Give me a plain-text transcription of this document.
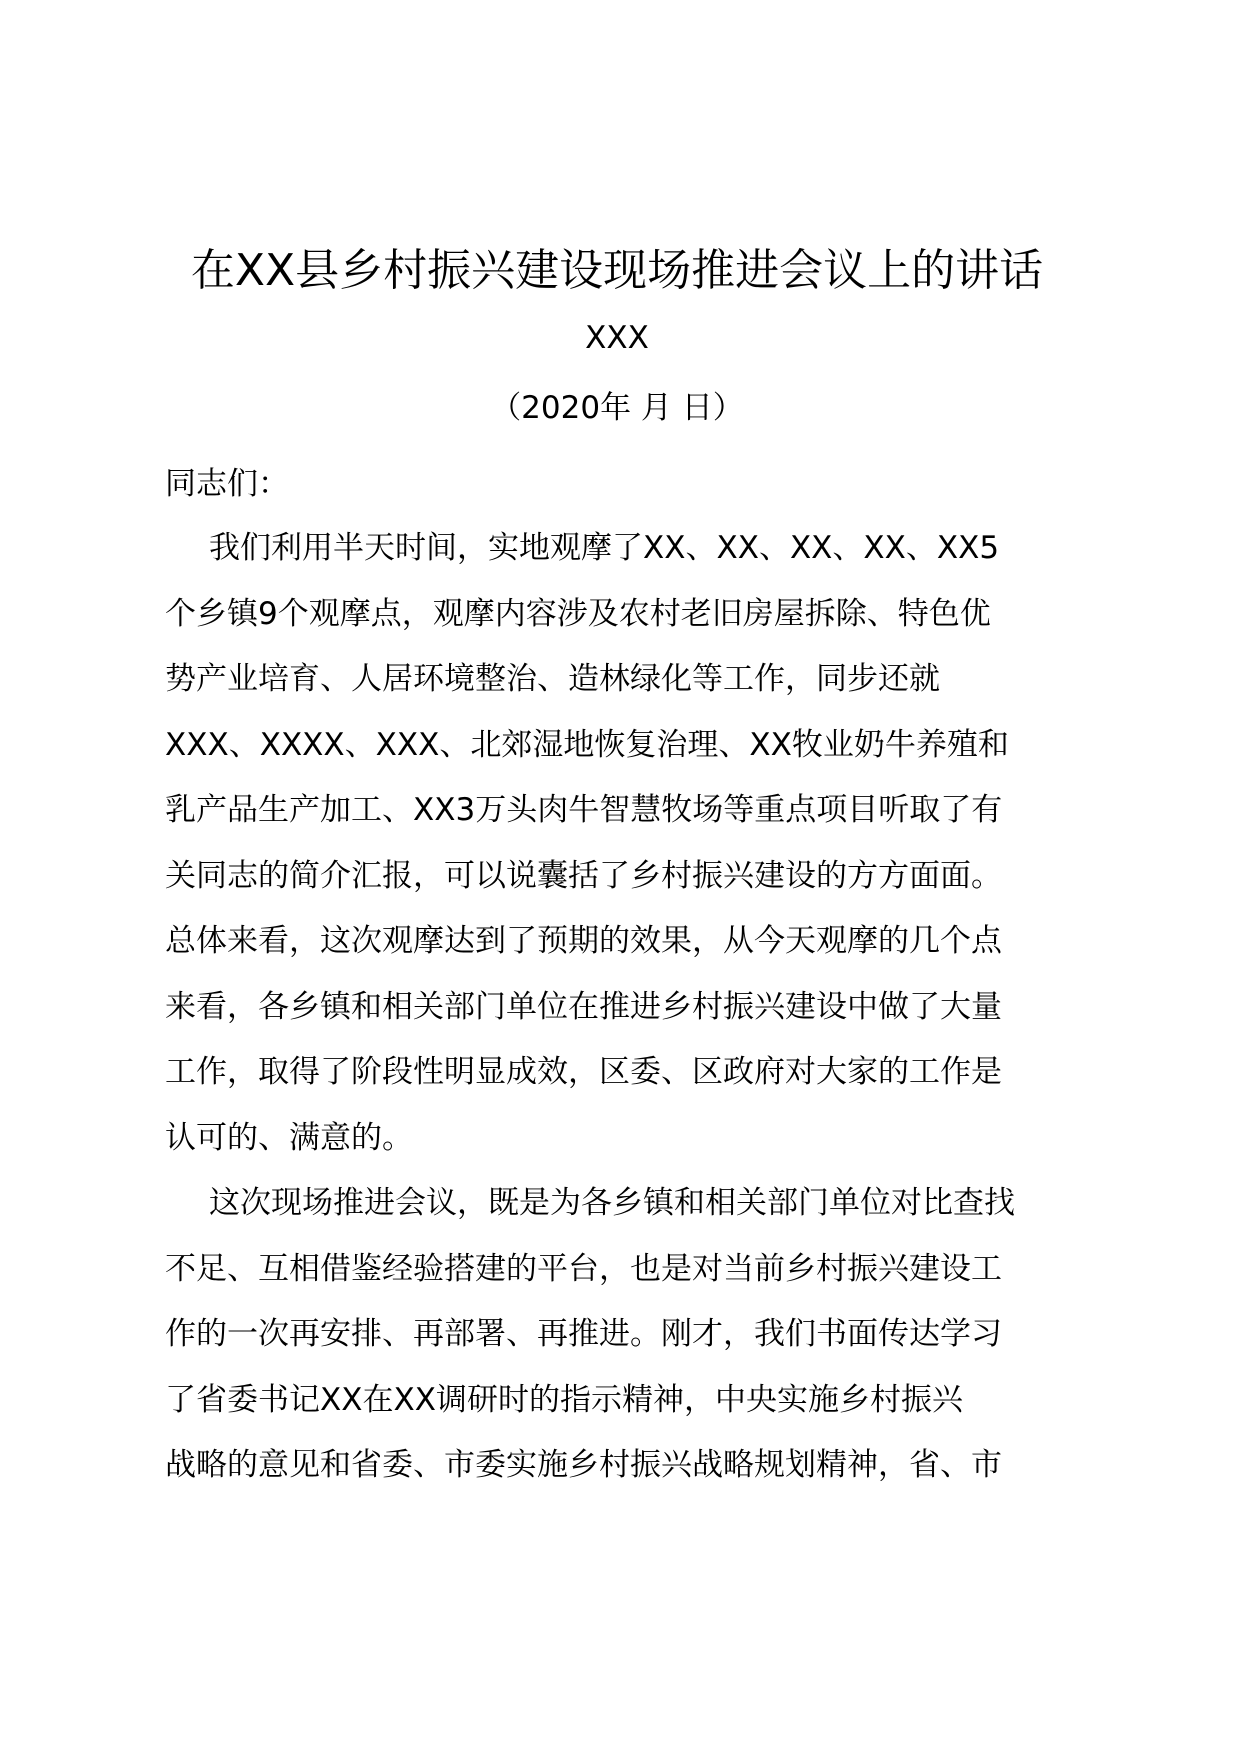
在XX县乡村振兴建设现场推进会议上的讲话
XXX
（2020年 月 日）
同志们：
我们利用半天时间，实地观摩了XX、XX、XX、XX、XX5
个乡镇9个观摩点，观摩内容涉及农村老旧房屋拆除、特色优
势产业培育、人居环境整治、造林绿化等工作，同步还就
XXX、XXXX、XXX、北郊湿地恢复治理、XX牧业奶牛养殖和
乳产品生产加工、XX3万头肉牛智慧牧场等重点项目听取了有
关同志的简介汇报，可以说囊括了乡村振兴建设的方方面面。
总体来看，这次观摩达到了预期的效果，从今天观摩的几个点
来看，各乡镇和相关部门单位在推进乡村振兴建设中做了大量
工作，取得了阶段性明显成效，区委、区政府对大家的工作是
认可的、满意的。
这次现场推进会议，既是为各乡镇和相关部门单位对比查找
不足、互相借鉴经验搭建的平台，也是对当前乡村振兴建设工
作的一次再安排、再部署、再推进。刚才，我们书面传达学习
了省委书记XX在XX调研时的指示精神，中央实施乡村振兴
战略的意见和省委、市委实施乡村振兴战略规划精神，省、市
